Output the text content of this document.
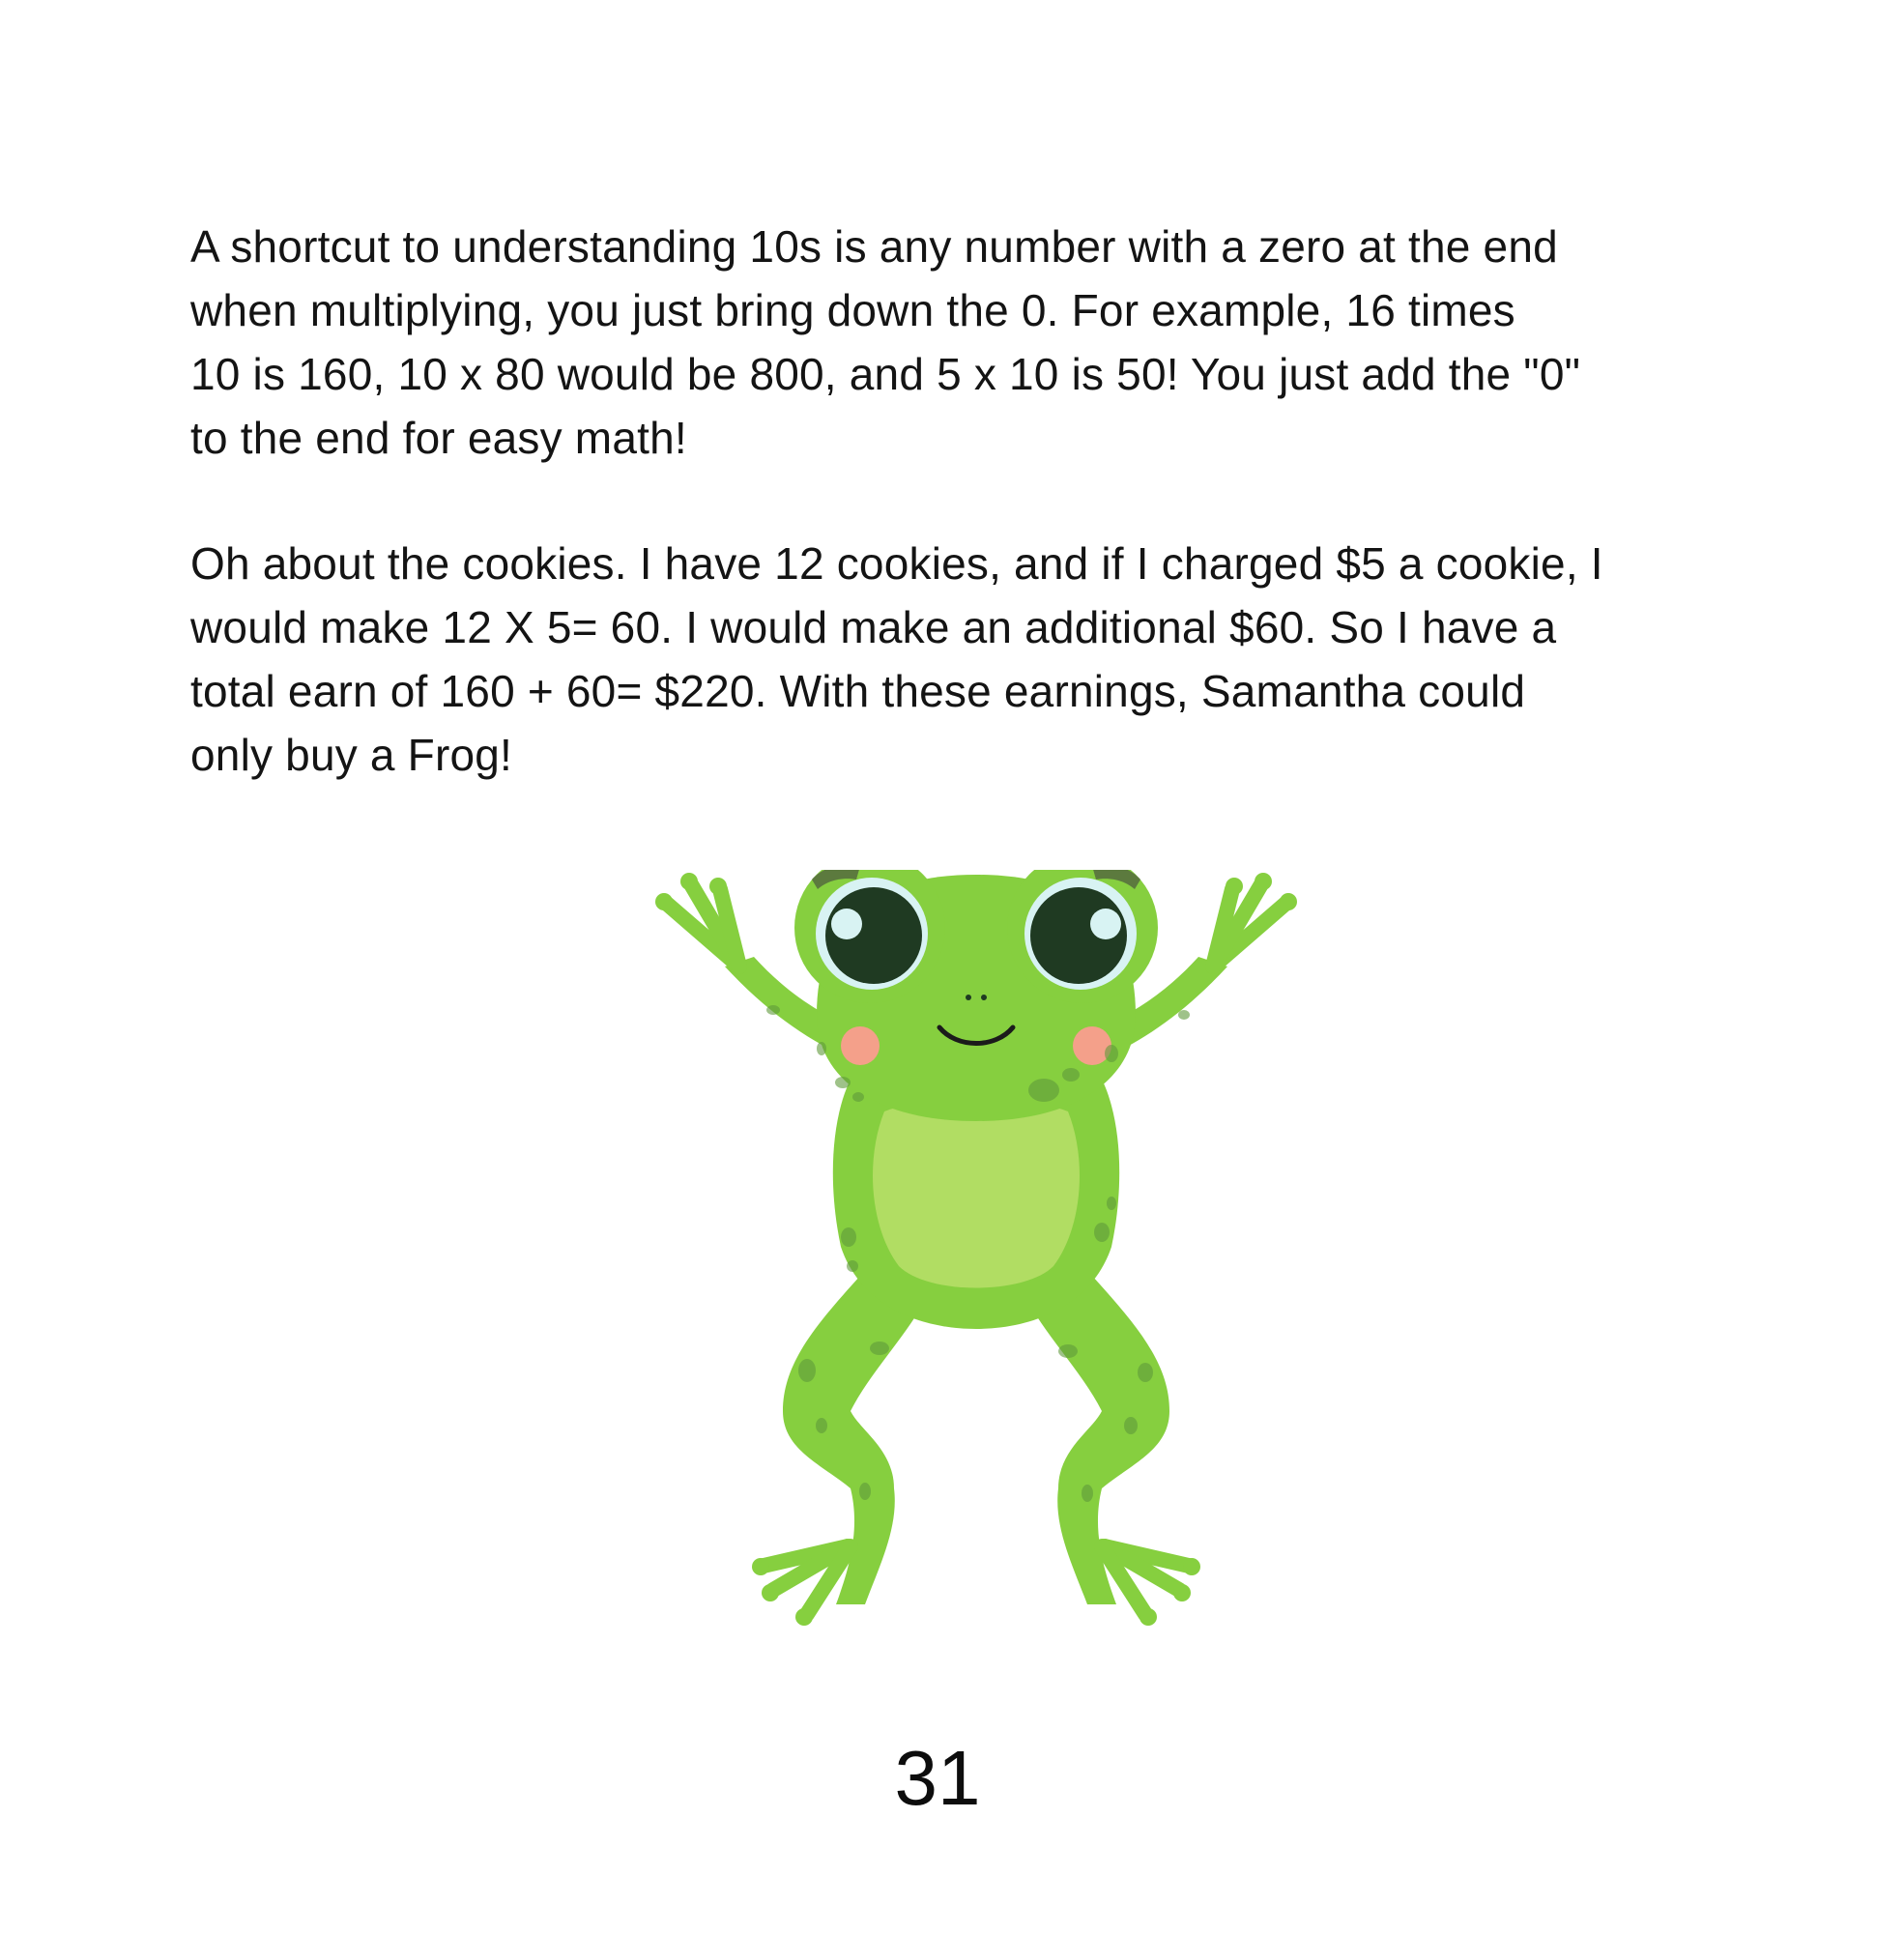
A shortcut to understanding 10s is any number with a zero at the end
when multiplying, you just bring down the 0. For example, 16 times
10 is 160, 10 x 80 would be 800, and 5 x 10 is 50! You just add the "0"
to the end for easy math!
Oh about the cookies. I have 12 cookies, and if I charged $5 a cookie, I
would make 12 X 5= 60. I would make an additional $60. So I have a
total earn of 160 + 60= $220. With these earnings, Samantha could
only buy a Frog!
31
